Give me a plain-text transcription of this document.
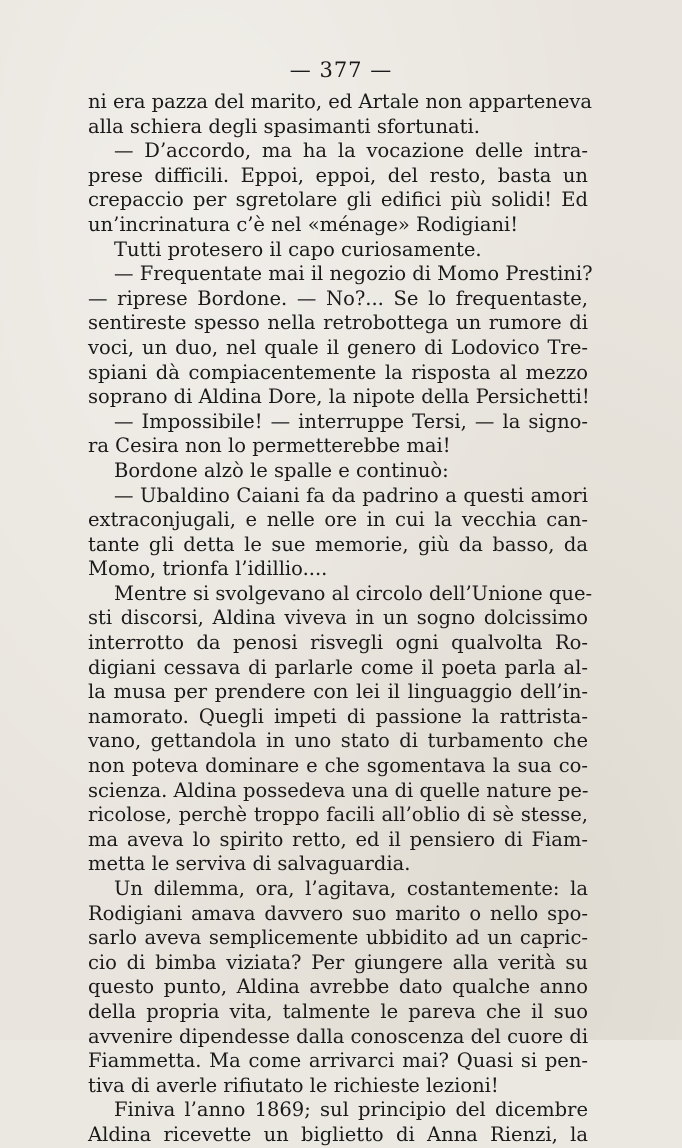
— 377 —
ni era pazza del marito, ed Artale non apparteneva
alla schiera degli spasimanti sfortunati.
— D’accordo, ma ha la vocazione delle intra-
prese difficili. Eppoi, eppoi, del resto, basta un
crepaccio per sgretolare gli edifici più solidi! Ed
un’incrinatura c’è nel «ménage» Rodigiani!
Tutti protesero il capo curiosamente.
— Frequentate mai il negozio di Momo Prestini?
— riprese Bordone. — No?... Se lo frequentaste,
sentireste spesso nella retrobottega un rumore di
voci, un duo, nel quale il genero di Lodovico Tre-
spiani dà compiacentemente la risposta al mezzo
soprano di Aldina Dore, la nipote della Persichetti!
— Impossibile! — interruppe Tersi, — la signo-
ra Cesira non lo permetterebbe mai!
Bordone alzò le spalle e continuò:
— Ubaldino Caiani fa da padrino a questi amori
extraconjugali, e nelle ore in cui la vecchia can-
tante gli detta le sue memorie, giù da basso, da
Momo, trionfa l’idillio....
Mentre si svolgevano al circolo dell’Unione que-
sti discorsi, Aldina viveva in un sogno dolcissimo
interrotto da penosi risvegli ogni qualvolta Ro-
digiani cessava di parlarle come il poeta parla al-
la musa per prendere con lei il linguaggio dell’in-
namorato. Quegli impeti di passione la rattrista-
vano, gettandola in uno stato di turbamento che
non poteva dominare e che sgomentava la sua co-
scienza. Aldina possedeva una di quelle nature pe-
ricolose, perchè troppo facili all’oblio di sè stesse,
ma aveva lo spirito retto, ed il pensiero di Fiam-
metta le serviva di salvaguardia.
Un dilemma, ora, l’agitava, costantemente: la
Rodigiani amava davvero suo marito o nello spo-
sarlo aveva semplicemente ubbidito ad un capric-
cio di bimba viziata? Per giungere alla verità su
questo punto, Aldina avrebbe dato qualche anno
della propria vita, talmente le pareva che il suo
avvenire dipendesse dalla conoscenza del cuore di
Fiammetta. Ma come arrivarci mai? Quasi si pen-
tiva di averle rifiutato le richieste lezioni!
Finiva l’anno 1869; sul principio del dicembre
Aldina ricevette un biglietto di Anna Rienzi, la
